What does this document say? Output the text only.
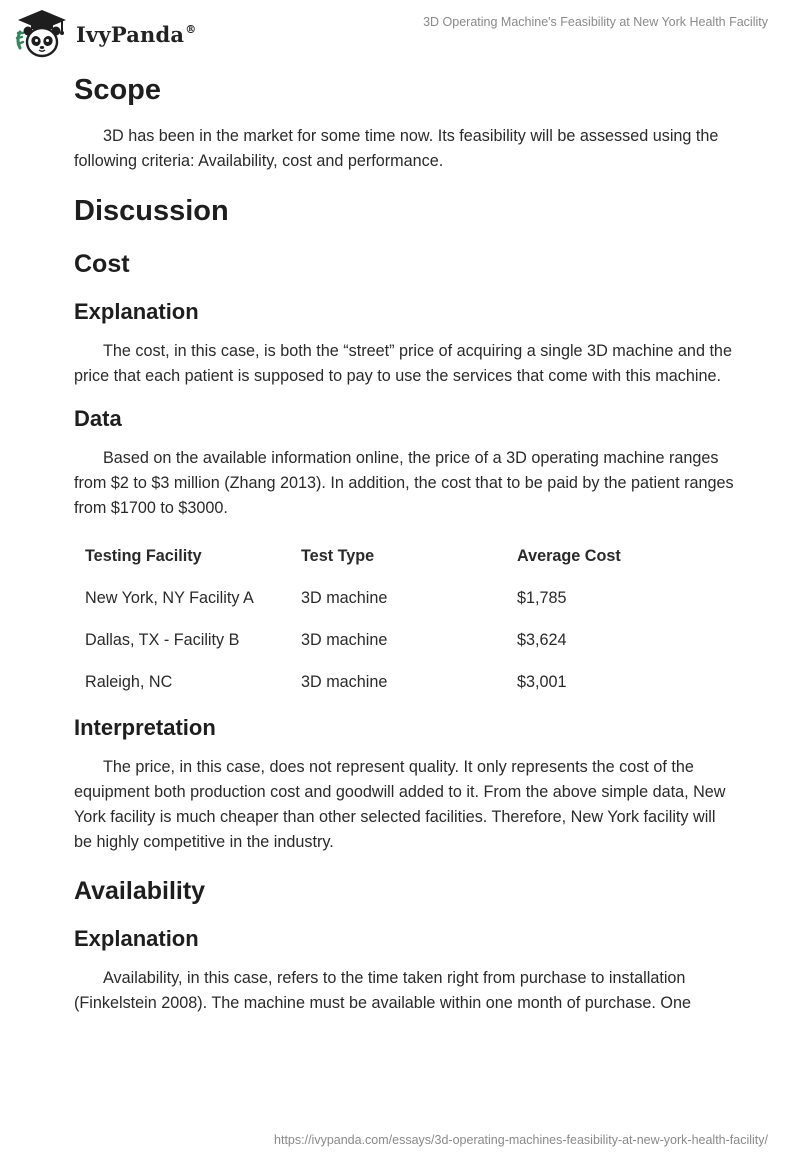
IvyPanda®	3D Operating Machine's Feasibility at New York Health Facility
Scope

3D has been in the market for some time now. Its feasibility will be assessed using the following criteria: Availability, cost and performance.

Discussion
Cost
Explanation

The cost, in this case, is both the “street” price of acquiring a single 3D machine and the price that each patient is supposed to pay to use the services that come with this machine.

Data

Based on the available information online, the price of a 3D operating machine ranges from $2 to $3 million (Zhang 2013). In addition, the cost that to be paid by the patient ranges from $1700 to $3000.

Testing Facility	Test Type	Average Cost
New York, NY Facility A	3D machine	$1,785
Dallas, TX - Facility B	3D machine	$3,624
Raleigh, NC	3D machine	$3,001
Interpretation

The price, in this case, does not represent quality. It only represents the cost of the equipment both production cost and goodwill added to it. From the above simple data, New York facility is much cheaper than other selected facilities. Therefore, New York facility will be highly competitive in the industry.

Availability
Explanation

Availability, in this case, refers to the time taken right from purchase to installation (Finkelstein 2008). The machine must be available within one month of purchase. One

https://ivypanda.com/essays/3d-operating-machines-feasibility-at-new-york-health-facility/
